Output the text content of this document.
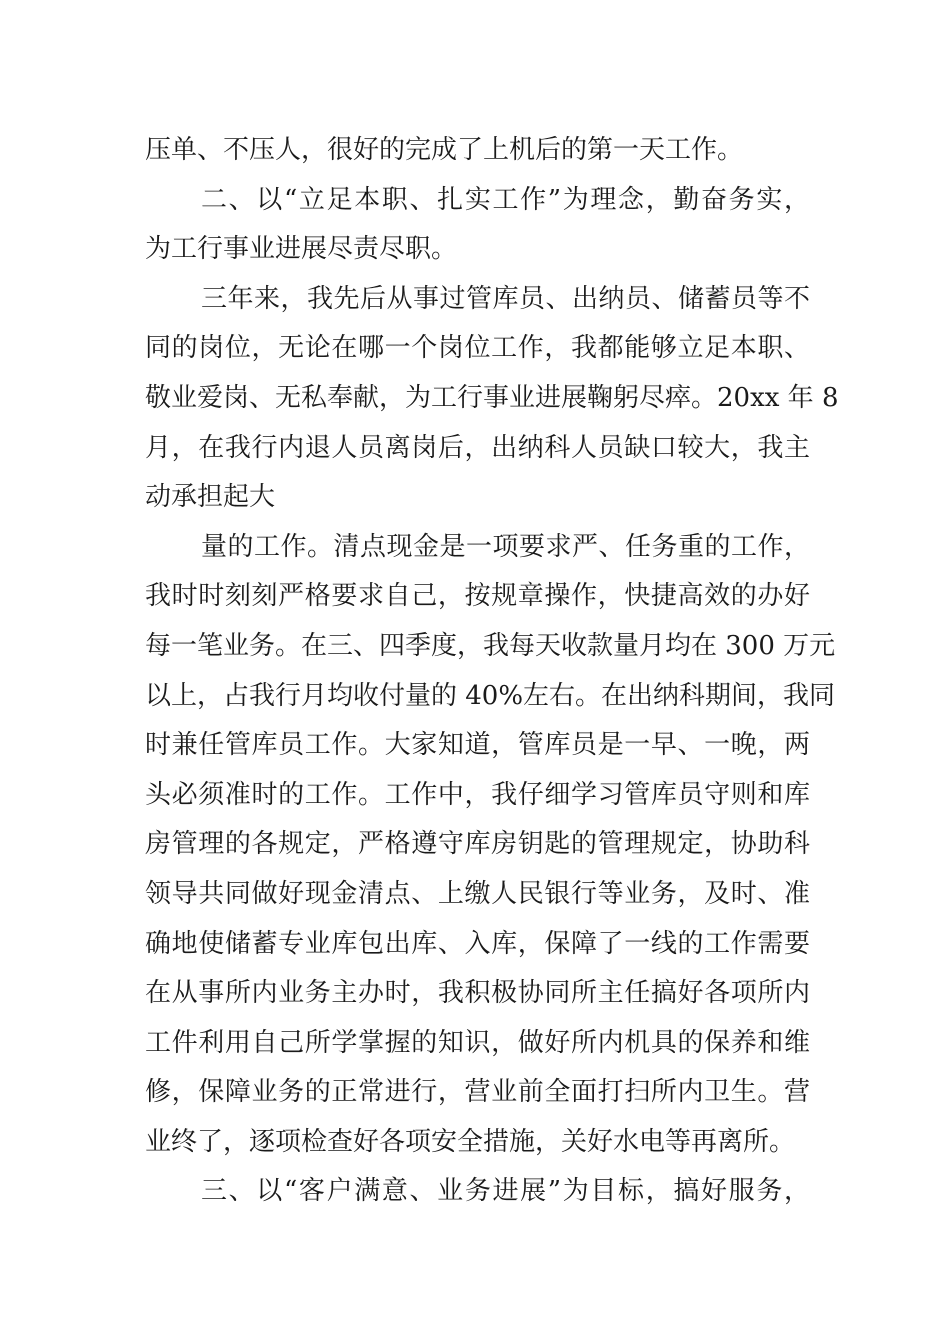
压单、不压人，很好的完成了上机后的第一天工作。
二、以“立足本职、扎实工作”为理念，勤奋务实，
为工行事业进展尽责尽职。
三年来，我先后从事过管库员、出纳员、储蓄员等不
同的岗位，无论在哪一个岗位工作，我都能够立足本职、
敬业爱岗、无私奉献，为工行事业进展鞠躬尽瘁。20xx 年 8
月，在我行内退人员离岗后，出纳科人员缺口较大，我主
动承担起大
量的工作。清点现金是一项要求严、任务重的工作，
我时时刻刻严格要求自己，按规章操作，快捷高效的办好
每一笔业务。在三、四季度，我每天收款量月均在 300 万元
以上，占我行月均收付量的 40%左右。在出纳科期间，我同
时兼任管库员工作。大家知道，管库员是一早、一晚，两
头必须准时的工作。工作中，我仔细学习管库员守则和库
房管理的各规定，严格遵守库房钥匙的管理规定，协助科
领导共同做好现金清点、上缴人民银行等业务，及时、准
确地使储蓄专业库包出库、入库，保障了一线的工作需要
在从事所内业务主办时，我积极协同所主任搞好各项所内
工件利用自己所学掌握的知识，做好所内机具的保养和维
修，保障业务的正常进行，营业前全面打扫所内卫生。营
业终了，逐项检查好各项安全措施，关好水电等再离所。
三、以“客户满意、业务进展”为目标，搞好服务，
